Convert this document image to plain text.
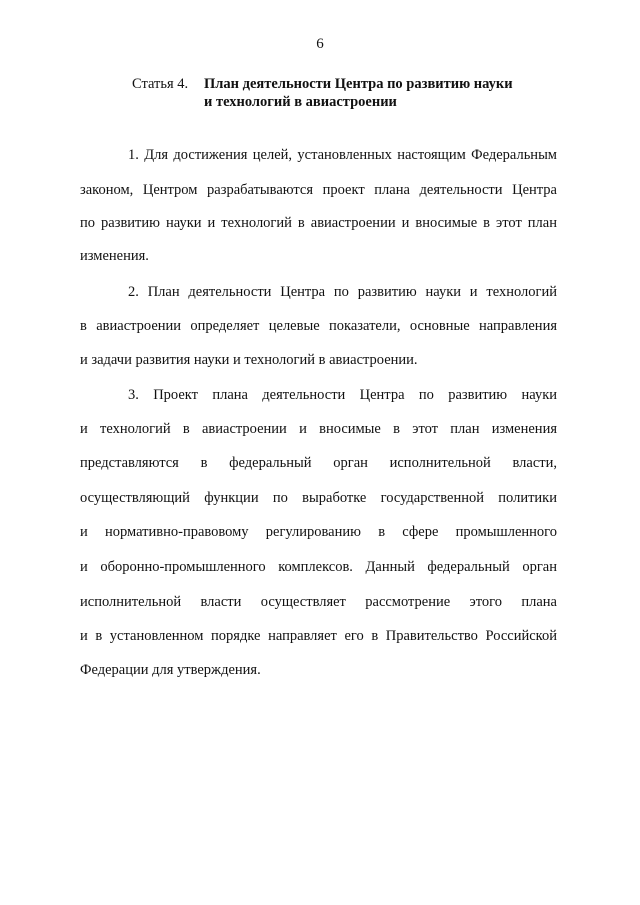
6
Статья 4. План деятельности Центра по развитию науки
и технологий в авиастроении
1. Для достижения целей, установленных настоящим Федеральным
законом, Центром разрабатываются проект плана деятельности Центра
по развитию науки и технологий в авиастроении и вносимые в этот план
изменения.
2. План деятельности Центра по развитию науки и технологий
в авиастроении определяет целевые показатели, основные направления
и задачи развития науки и технологий в авиастроении.
3. Проект плана деятельности Центра по развитию науки
и технологий в авиастроении и вносимые в этот план изменения
представляются в федеральный орган исполнительной власти,
осуществляющий функции по выработке государственной политики
и нормативно-правовому регулированию в сфере промышленного
и оборонно-промышленного комплексов. Данный федеральный орган
исполнительной власти осуществляет рассмотрение этого плана
и в установленном порядке направляет его в Правительство Российской
Федерации для утверждения.
